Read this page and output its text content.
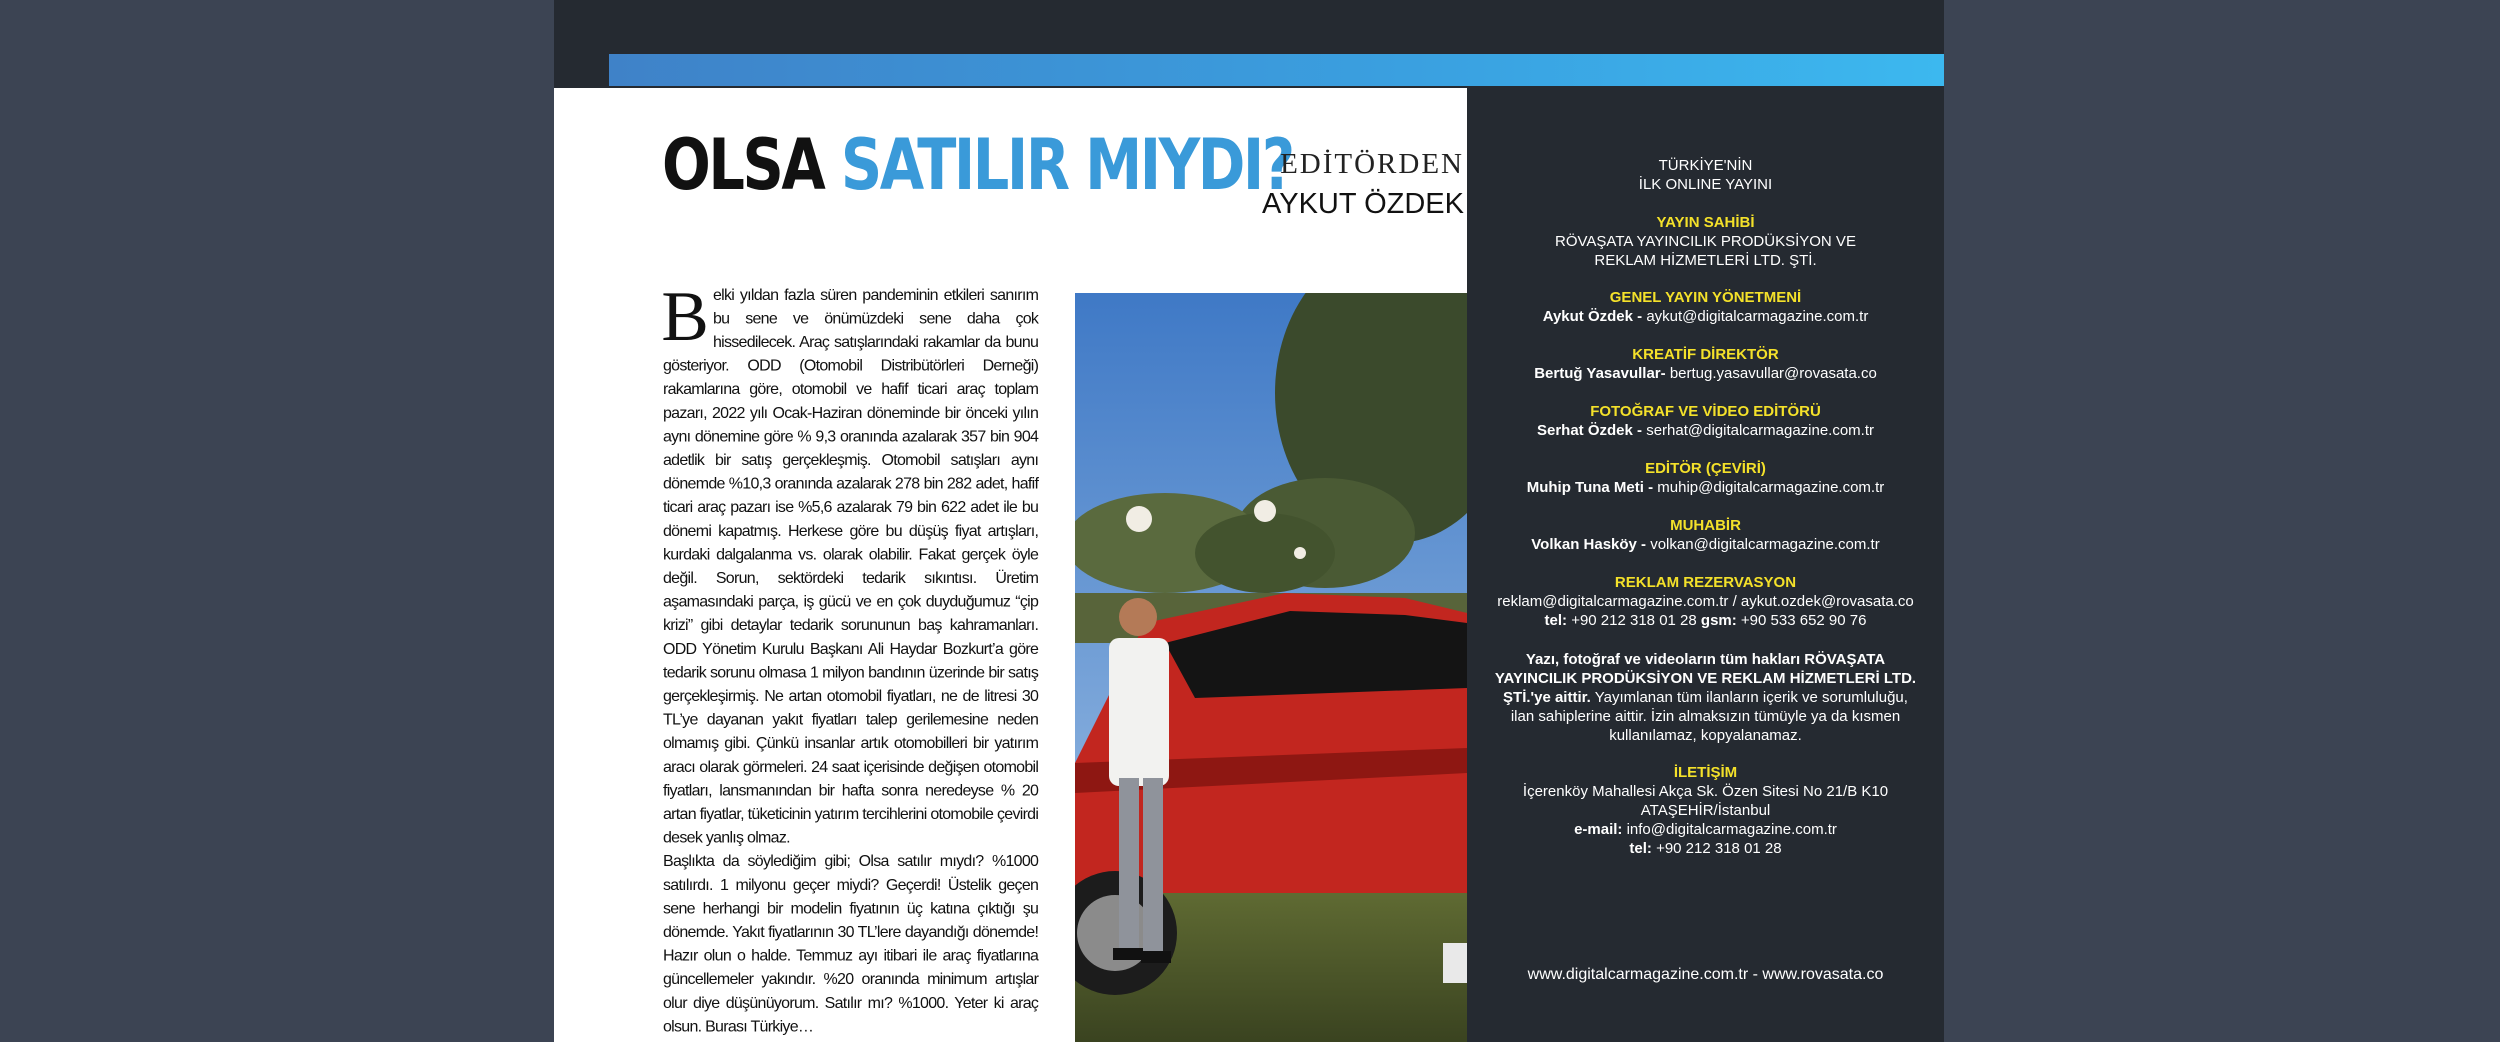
OLSA SATILIR MIYDI?
EDİTÖRDEN
AYKUT ÖZDEK

Belki yıldan fazla süren pandeminin etkileri sanırım bu sene ve önümüzdeki sene daha çok hissedilecek. Araç satışlarındaki rakamlar da bunu gösteriyor. ODD (Otomobil Distribütörleri Derneği) rakamlarına göre, otomobil ve hafif ticari araç toplam pazarı, 2022 yılı Ocak-Haziran döneminde bir önceki yılın aynı dönemine göre % 9,3 oranında azalarak 357 bin 904 adetlik bir satış gerçekleşmiş. Otomobil satışları aynı dönemde %10,3 oranında azalarak 278 bin 282 adet, hafif ticari araç pazarı ise %5,6 azalarak 79 bin 622 adet ile bu dönemi kapatmış. Herkese göre bu düşüş fiyat artışları, kurdaki dalgalanma vs. olarak olabilir. Fakat gerçek öyle değil. Sorun, sektördeki tedarik sıkıntısı. Üretim aşamasındaki parça, iş gücü ve en çok duyduğumuz “çip krizi” gibi detaylar tedarik sorununun baş kahramanları. ODD Yönetim Kurulu Başkanı Ali Haydar Bozkurt’a göre tedarik sorunu olmasa 1 milyon bandının üzerinde bir satış gerçekleşirmiş. Ne artan otomobil fiyatları, ne de litresi 30 TL’ye dayanan yakıt fiyatları talep gerilemesine neden olmamış gibi. Çünkü insanlar artık otomobilleri bir yatırım aracı olarak görmeleri. 24 saat içerisinde değişen otomobil fiyatları, lansmanından bir hafta sonra neredeyse % 20 artan fiyatlar, tüketicinin yatırım tercihlerini otomobile çevirdi desek yanlış olmaz.

Başlıkta da söylediğim gibi; Olsa satılır mıydı? %1000 satılırdı. 1 milyonu geçer miydi? Geçerdi! Üstelik geçen sene herhangi bir modelin fiyatının üç katına çıktığı şu dönemde. Yakıt fiyatlarının 30 TL’lere dayandığı dönemde! Hazır olun o halde. Temmuz ayı itibari ile araç fiyatlarına güncellemeler yakındır. %20 oranında minimum artışlar olur diye düşünüyorum. Satılır mı? %1000. Yeter ki araç olsun. Burası Türkiye…

TÜRKİYE'NİN
İLK ONLINE YAYINI
YAYIN SAHİBİ
RÖVAŞATA YAYINCILIK PRODÜKSİYON VE
REKLAM HİZMETLERİ LTD. ŞTİ.
GENEL YAYIN YÖNETMENİ
Aykut Özdek - aykut@digitalcarmagazine.com.tr
KREATİF DİREKTÖR
Bertuğ Yasavullar- bertug.yasavullar@rovasata.co
FOTOĞRAF VE VİDEO EDİTÖRÜ
Serhat Özdek - serhat@digitalcarmagazine.com.tr
EDİTÖR (ÇEVİRİ)
Muhip Tuna Meti - muhip@digitalcarmagazine.com.tr
MUHABİR
Volkan Hasköy - volkan@digitalcarmagazine.com.tr
REKLAM REZERVASYON
reklam@digitalcarmagazine.com.tr / aykut.ozdek@rovasata.co
tel: +90 212 318 01 28 gsm: +90 533 652 90 76
Yazı, fotoğraf ve videoların tüm hakları RÖVAŞATA
YAYINCILIK PRODÜKSİYON VE REKLAM HİZMETLERİ LTD.
ŞTİ.'ye aittir. Yayımlanan tüm ilanların içerik ve sorumluluğu,
ilan sahiplerine aittir. İzin almaksızın tümüyle ya da kısmen
kullanılamaz, kopyalanamaz.
İLETİŞİM
İçerenköy Mahallesi Akça Sk. Özen Sitesi No 21/B K10
ATAŞEHİR/İstanbul
e-mail: info@digitalcarmagazine.com.tr
tel: +90 212 318 01 28
www.digitalcarmagazine.com.tr - www.rovasata.co
